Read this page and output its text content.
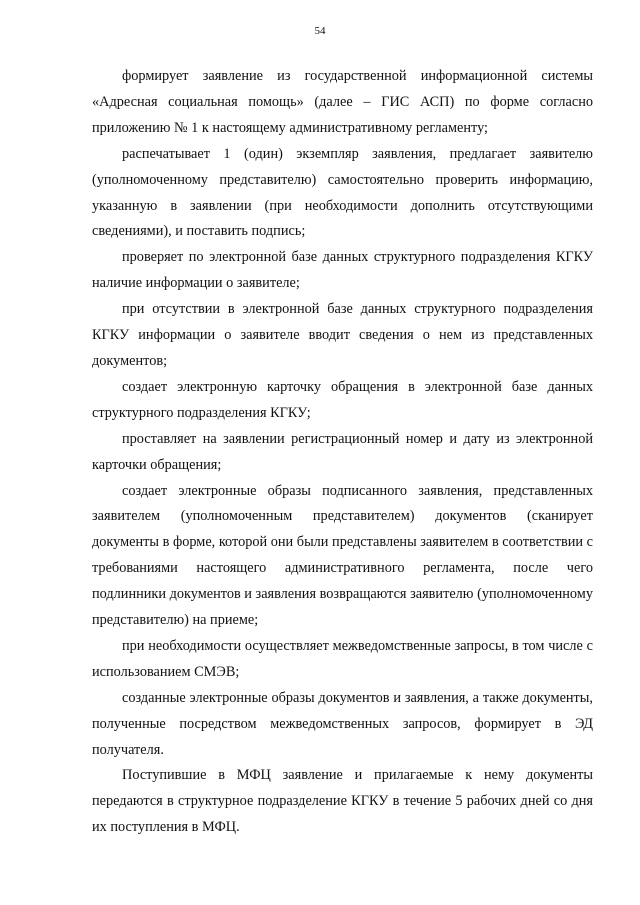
54

формирует заявление из государственной информационной системы «Адресная социальная помощь» (далее – ГИС АСП) по форме согласно приложению № 1 к настоящему административному регламенту;

распечатывает 1 (один) экземпляр заявления, предлагает заявителю (уполномоченному представителю) самостоятельно проверить информацию, указанную в заявлении (при необходимости дополнить отсутствующими сведениями), и поставить подпись;

проверяет по электронной базе данных структурного подразделения КГКУ наличие информации о заявителе;

при отсутствии в электронной базе данных структурного подразделения КГКУ информации о заявителе вводит сведения о нем из представленных документов;

создает электронную карточку обращения в электронной базе данных структурного подразделения КГКУ;

проставляет на заявлении регистрационный номер и дату из электронной карточки обращения;

создает электронные образы подписанного заявления, представленных заявителем (уполномоченным представителем) документов (сканирует документы в форме, которой они были представлены заявителем в соответствии с требованиями настоящего административного регламента, после чего подлинники документов и заявления возвращаются заявителю (уполномоченному представителю) на приеме;

при необходимости осуществляет межведомственные запросы, в том числе с использованием СМЭВ;

созданные электронные образы документов и заявления, а также документы, полученные посредством межведомственных запросов, формирует в ЭД получателя.

Поступившие в МФЦ заявление и прилагаемые к нему документы передаются в структурное подразделение КГКУ в течение 5 рабочих дней со дня их поступления в МФЦ.
